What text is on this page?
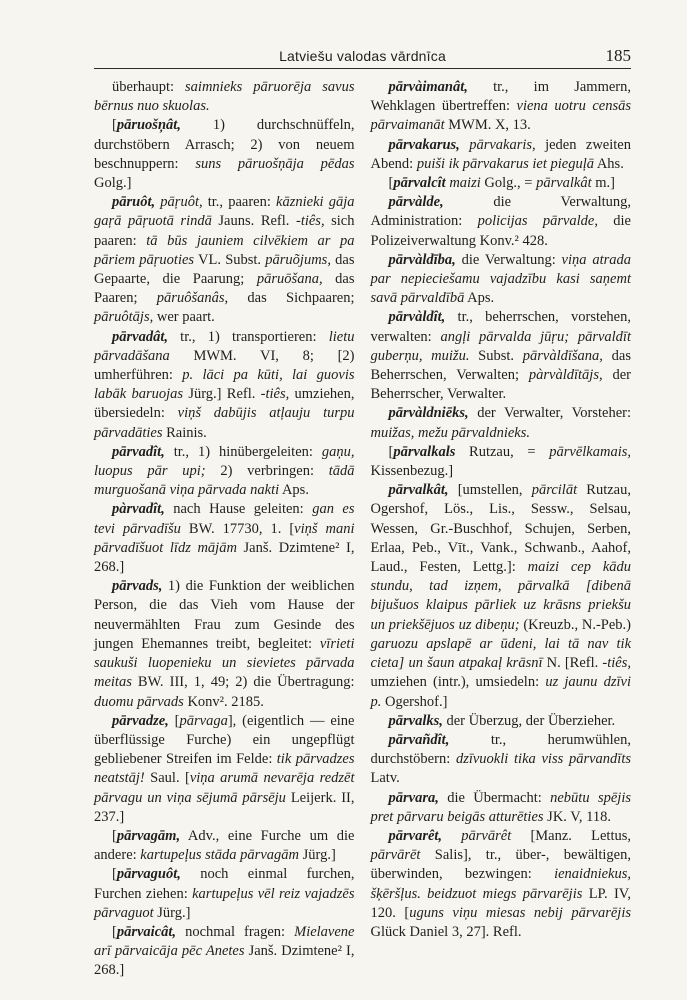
Latviešu valodas vārdnīca	185

überhaupt: saimnieks pāruorēja savus bērnus nuo skuolas.

[pāruošņât, 1) durchschnüffeln, durchstöbern Arrasch; 2) von neuem beschnuppern: suns pāruošņāja pēdas Golg.]

pāruôt, pāŗuôt, tr., paaren: kāznieki gāja gaŗā pāŗuotā rindā Jauns. Refl. -tiês, sich paaren: tā būs jauniem cilvēkiem ar pa pāriem pāŗuoties VL. Subst. pāruõjums, das Gepaarte, die Paarung; pāruōšana, das Paaren; pāruôšanâs, das Sichpaaren; pāruôtājs, wer paart.

pārvadât, tr., 1) transportieren: lietu pārvadāšana MWM. VI, 8; [2) umherführen: p. lāci pa kūti, lai guovis labāk baruojas Jürg.] Refl. -tiês, umziehen, übersiedeln: viņš dabūjis atļauju turpu pārvadāties Rainis.

pārvadît, tr., 1) hinübergeleiten: gaņu, luopus pār upi; 2) verbringen: tādā murguošanā viņa pārvada nakti Aps.

pàrvadît, nach Hause geleiten: gan es tevi pārvadīšu BW. 17730, 1. [viņš mani pārvadīšuot līdz mājām Janš. Dzimtene² I, 268.]

pārvads, 1) die Funktion der weiblichen Person, die das Vieh vom Hause der neuvermählten Frau zum Gesinde des jungen Ehemannes treibt, begleitet: vīrieti saukuši luopenieku un sievietes pārvada meitas BW. III, 1, 49; 2) die Übertragung: duomu pārvads Konv². 2185.

pārvadze, [pārvaga], (eigentlich — eine überflüssige Furche) ein ungepflügt gebliebener Streifen im Felde: tik pārvadzes neatstāj! Saul. [viņa arumā nevarēja redzēt pārvagu un viņa sējumā pārsēju Leijerk. II, 237.]

[pārvagām, Adv., eine Furche um die andere: kartupeļus stāda pārvagām Jürg.]

[pārvaguôt, noch einmal furchen, Furchen ziehen: kartupeļus vēl reiz vajadzēs pārvaguot Jürg.]

[pārvaicât, nochmal fragen: Mielavene arī pārvaicāja pēc Anetes Janš. Dzimtene² I, 268.]

pārvàimanât, tr., im Jammern, Wehklagen übertreffen: viena uotru censās pārvaimanāt MWM. X, 13.

pārvakarus, pārvakaris, jeden zweiten Abend: puiši ik pārvakarus iet pieguļā Ahs.

[pārvalcît maizi Golg., = pārvalkât m.]

pārvàlde, die Verwaltung, Administration: policijas pārvalde, die Polizeiverwaltung Konv.² 428.

pārvàldība, die Verwaltung: viņa atrada par nepieciešamu vajadzību kasi saņemt savā pārvaldībā Aps.

pārvàldît, tr., beherrschen, vorstehen, verwalten: angļi pārvalda jūŗu; pārvaldīt guberņu, muižu. Subst. pārvàldīšana, das Beherrschen, Verwalten; pàrvàldītājs, der Beherrscher, Verwalter.

pārvàldniēks, der Verwalter, Vorsteher: muižas, mežu pārvaldnieks.

[pārvalkals Rutzau, = pārvēlkamais, Kissenbezug.]

pārvalkât, [umstellen, pārcilāt Rutzau, Ogershof, Lös., Lis., Sessw., Selsau, Wessen, Gr.-Buschhof, Schujen, Serben, Erlaa, Peb., Vīt., Vank., Schwanb., Aahof, Laud., Festen, Lettg.]: maizi cep kādu stundu, tad izņem, pārvalkā [dibenā bijušuos klaipus pārliek uz krāsns priekšu un priekšējuos uz dibeņu; (Kreuzb., N.-Peb.) garuozu apslapē ar ūdeni, lai tā nav tik cieta] un šaun atpakaļ krāsnī N. [Refl. -tiês, umziehen (intr.), umsiedeln: uz jaunu dzīvi p. Ogershof.]

pārvalks, der Überzug, der Überzieher.

pārvañdît, tr., herumwühlen, durchstöbern: dzīvuokli tika viss pārvandīts Latv.

pārvara, die Übermacht: nebūtu spējis pret pārvaru beigās atturēties JK. V, 118.

pārvarêt, pārvārêt [Manz. Lettus, pārvārēt Salis], tr., über-, bewältigen, überwinden, bezwingen: ienaidniekus, šķēršļus. beidzuot miegs pārvarējis LP. IV, 120. [uguns viņu miesas nebij pārvarējis Glück Daniel 3, 27]. Refl.
